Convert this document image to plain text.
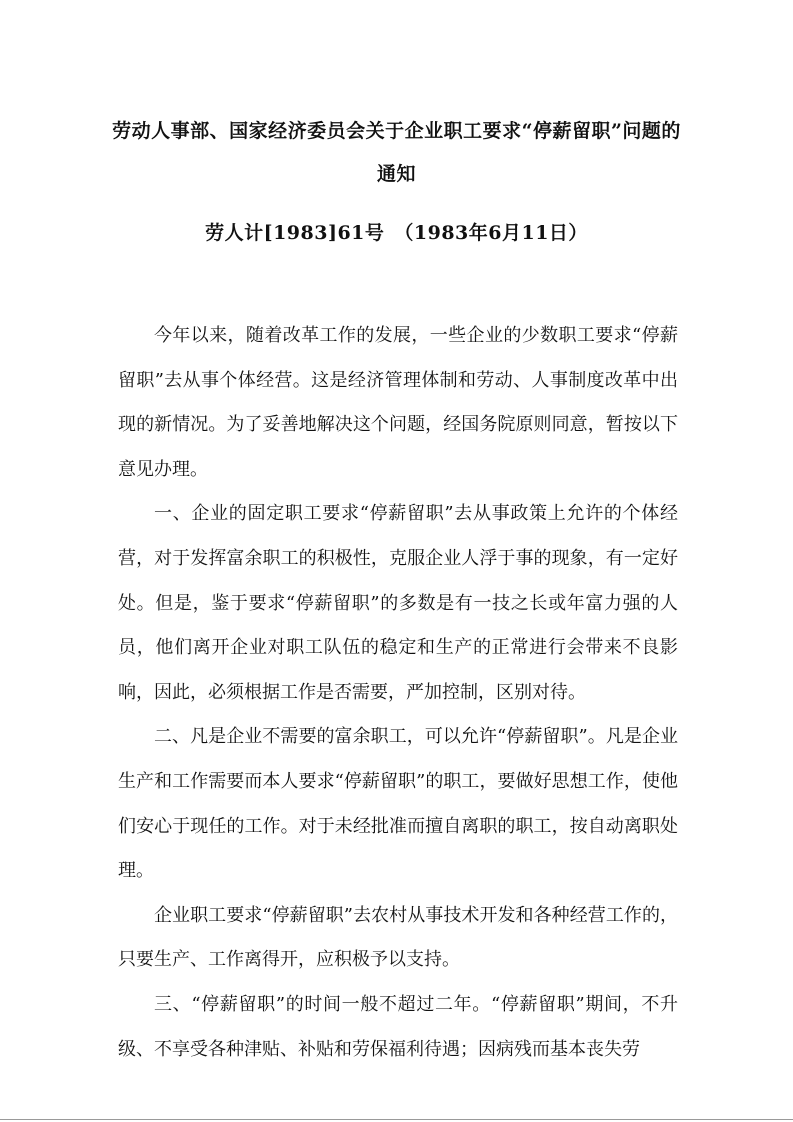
劳动人事部、国家经济委员会关于企业职工要求“停薪留职”问题的
通知
劳人计[1983]61号　（1983年6月11日）

今年以来，随着改革工作的发展，一些企业的少数职工要求“停薪留职”去从事个体经营。这是经济管理体制和劳动、人事制度改革中出现的新情况。为了妥善地解决这个问题，经国务院原则同意，暂按以下意见办理。

一、企业的固定职工要求“停薪留职”去从事政策上允许的个体经营，对于发挥富余职工的积极性，克服企业人浮于事的现象，有一定好处。但是，鉴于要求“停薪留职”的多数是有一技之长或年富力强的人员，他们离开企业对职工队伍的稳定和生产的正常进行会带来不良影响，因此，必须根据工作是否需要，严加控制，区别对待。

二、凡是企业不需要的富余职工，可以允许“停薪留职”。凡是企业生产和工作需要而本人要求“停薪留职”的职工，要做好思想工作，使他们安心于现任的工作。对于未经批准而擅自离职的职工，按自动离职处理。

企业职工要求“停薪留职”去农村从事技术开发和各种经营工作的，只要生产、工作离得开，应积极予以支持。

三、“停薪留职”的时间一般不超过二年。“停薪留职”期间，不升级、不享受各种津贴、补贴和劳保福利待遇；因病残而基本丧失劳
